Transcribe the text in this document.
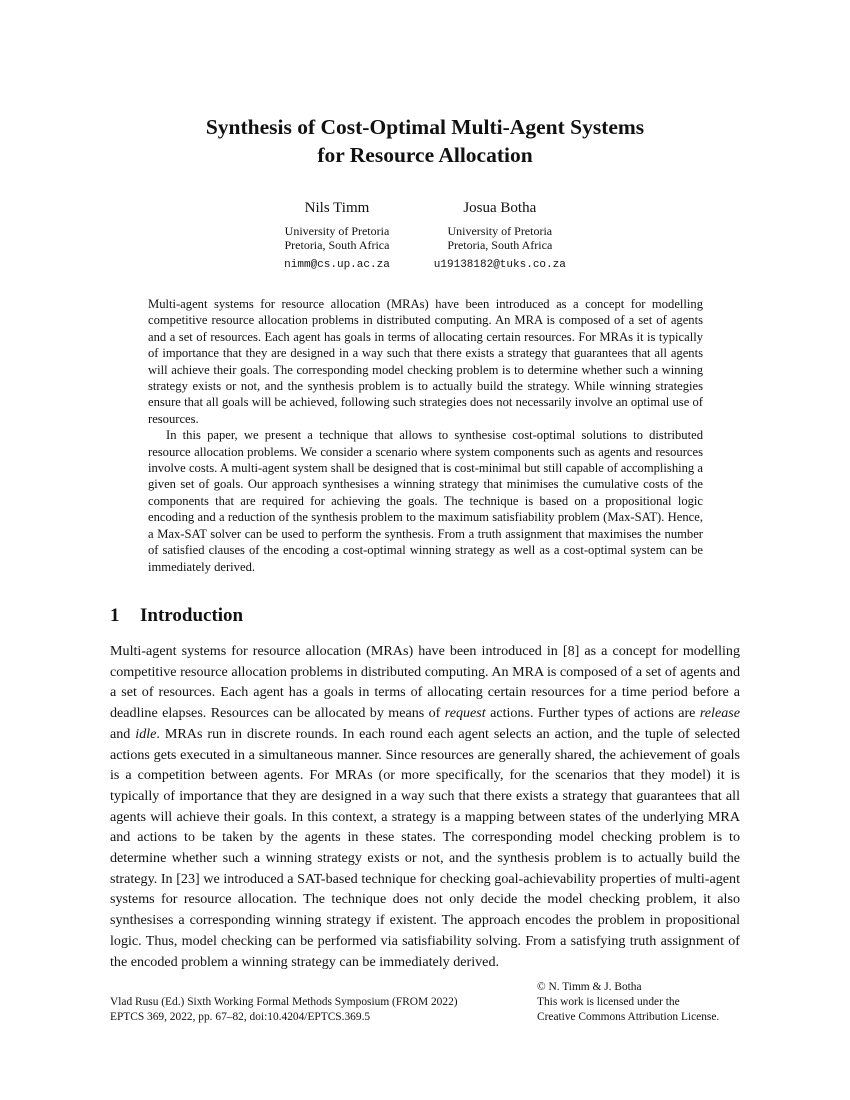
Synthesis of Cost-Optimal Multi-Agent Systems
for Resource Allocation
Nils Timm
University of Pretoria
Pretoria, South Africa
nimm@cs.up.ac.za
Josua Botha
University of Pretoria
Pretoria, South Africa
u19138182@tuks.co.za

Multi-agent systems for resource allocation (MRAs) have been introduced as a concept for modelling competitive resource allocation problems in distributed computing. An MRA is composed of a set of agents and a set of resources. Each agent has goals in terms of allocating certain resources. For MRAs it is typically of importance that they are designed in a way such that there exists a strategy that guarantees that all agents will achieve their goals. The corresponding model checking problem is to determine whether such a winning strategy exists or not, and the synthesis problem is to actually build the strategy. While winning strategies ensure that all goals will be achieved, following such strategies does not necessarily involve an optimal use of resources.

In this paper, we present a technique that allows to synthesise cost-optimal solutions to distributed resource allocation problems. We consider a scenario where system components such as agents and resources involve costs. A multi-agent system shall be designed that is cost-minimal but still capable of accomplishing a given set of goals. Our approach synthesises a winning strategy that minimises the cumulative costs of the components that are required for achieving the goals. The technique is based on a propositional logic encoding and a reduction of the synthesis problem to the maximum satisfiability problem (Max-SAT). Hence, a Max-SAT solver can be used to perform the synthesis. From a truth assignment that maximises the number of satisfied clauses of the encoding a cost-optimal winning strategy as well as a cost-optimal system can be immediately derived.

1 Introduction

Multi-agent systems for resource allocation (MRAs) have been introduced in [8] as a concept for modelling competitive resource allocation problems in distributed computing. An MRA is composed of a set of agents and a set of resources. Each agent has a goals in terms of allocating certain resources for a time period before a deadline elapses. Resources can be allocated by means of request actions. Further types of actions are release and idle. MRAs run in discrete rounds. In each round each agent selects an action, and the tuple of selected actions gets executed in a simultaneous manner. Since resources are generally shared, the achievement of goals is a competition between agents. For MRAs (or more specifically, for the scenarios that they model) it is typically of importance that they are designed in a way such that there exists a strategy that guarantees that all agents will achieve their goals. In this context, a strategy is a mapping between states of the underlying MRA and actions to be taken by the agents in these states. The corresponding model checking problem is to determine whether such a winning strategy exists or not, and the synthesis problem is to actually build the strategy. In [23] we introduced a SAT-based technique for checking goal-achievability properties of multi-agent systems for resource allocation. The technique does not only decide the model checking problem, it also synthesises a corresponding winning strategy if existent. The approach encodes the problem in propositional logic. Thus, model checking can be performed via satisfiability solving. From a satisfying truth assignment of the encoded problem a winning strategy can be immediately derived.

Vlad Rusu (Ed.) Sixth Working Formal Methods Symposium (FROM 2022)
EPTCS 369, 2022, pp. 67–82, doi:10.4204/EPTCS.369.5
© N. Timm & J. Botha
This work is licensed under the
Creative Commons Attribution License.
